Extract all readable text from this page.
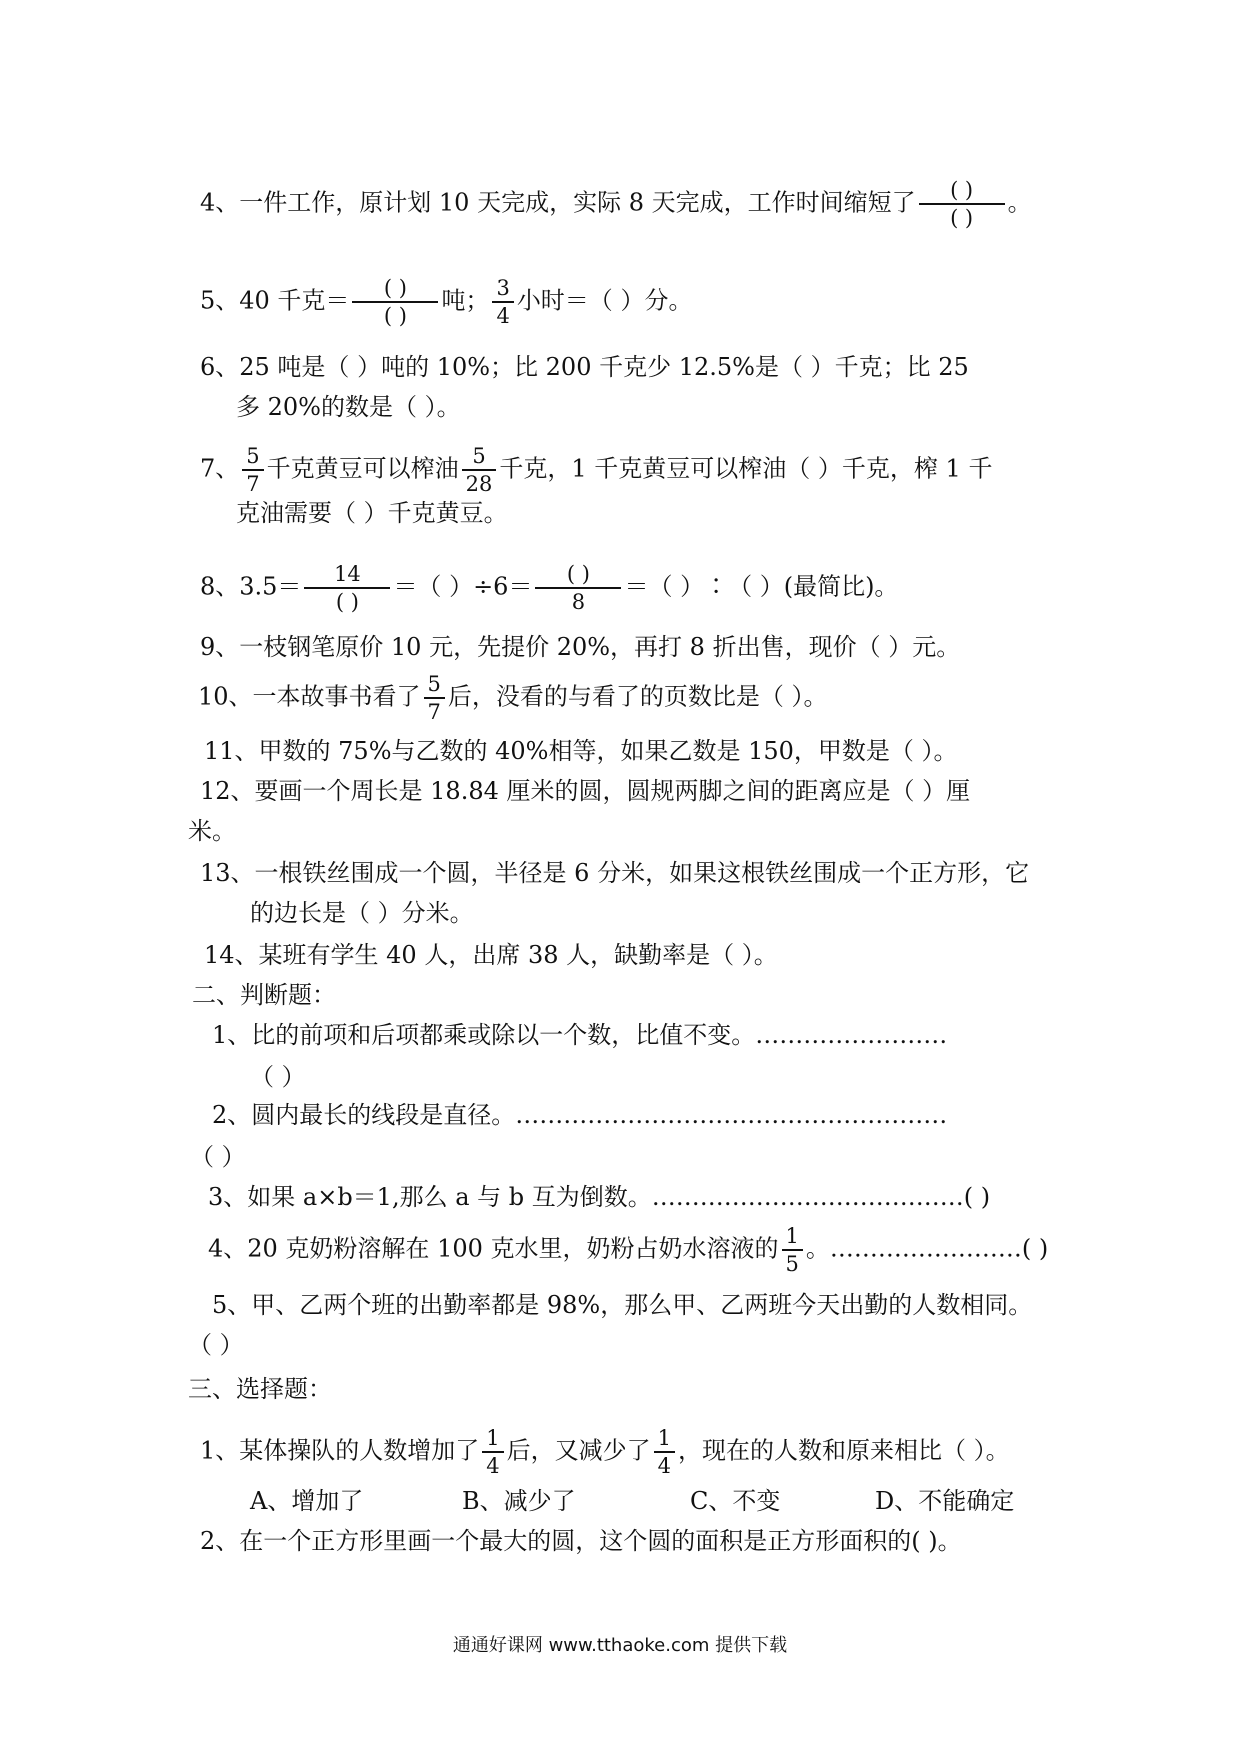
4、一件工作，原计划 10 天完成，实际 8 天完成，工作时间缩短了 $\frac{( )}{( )}$ 。
5、40 千克＝ $\frac{( )}{( )}$ 吨； $\frac{3}{4}$ 小时＝（ ）分。
6、25 吨是（ ）吨的 10%；比 200 千克少 12.5%是（ ）千克；比 25
多 20%的数是（ ）。
7、 $\frac{5}{7}$ 千克黄豆可以榨油 $\frac{5}{28}$ 千克，1 千克黄豆可以榨油（ ）千克，榨 1 千
克油需要（ ）千克黄豆。
8、$3.5= \frac{14}{( )}$ ＝（ ）$\div 6= \frac{( )}{8}$ ＝（ ）∶（ ）(最简比)。
9、一枝钢笔原价 10 元，先提价 20%，再打 8 折出售，现价（ ）元。
10、一本故事书看了 $\frac{5}{7}$ 后，没看的与看了的页数比是（ ）。
11、甲数的 75%与乙数的 40%相等，如果乙数是 150，甲数是（ ）。
12、要画一个周长是 18.84 厘米的圆，圆规两脚之间的距离应是（ ）厘
米。
13、一根铁丝围成一个圆，半径是 6 分米，如果这根铁丝围成一个正方形，它
的边长是（ ）分米。
14、某班有学生 40 人，出席 38 人，缺勤率是（ ）。
二、判断题：
1、比的前项和后项都乘或除以一个数，比值不变。……………………
（ ）
2、圆内最长的线段是直径。………………………………………………
（ ）
3、如果 a×b＝1,那么 a 与 b 互为倒数。…………………………………( )
4、20 克奶粉溶解在 100 克水里，奶粉占奶水溶液的 $\frac{1}{5}$ 。……………………( )
5、甲、乙两个班的出勤率都是 98%，那么甲、乙两班今天出勤的人数相同。
（ ）
三、选择题：
1、某体操队的人数增加了 $\frac{1}{4}$ 后，又减少了 $\frac{1}{4}$ ，现在的人数和原来相比（ ）。
A、增加了	B、减少了	C、不变	D、不能确定
2、在一个正方形里画一个最大的圆，这个圆的面积是正方形面积的( )。
通通好课网 www.tthaoke.com 提供下载
